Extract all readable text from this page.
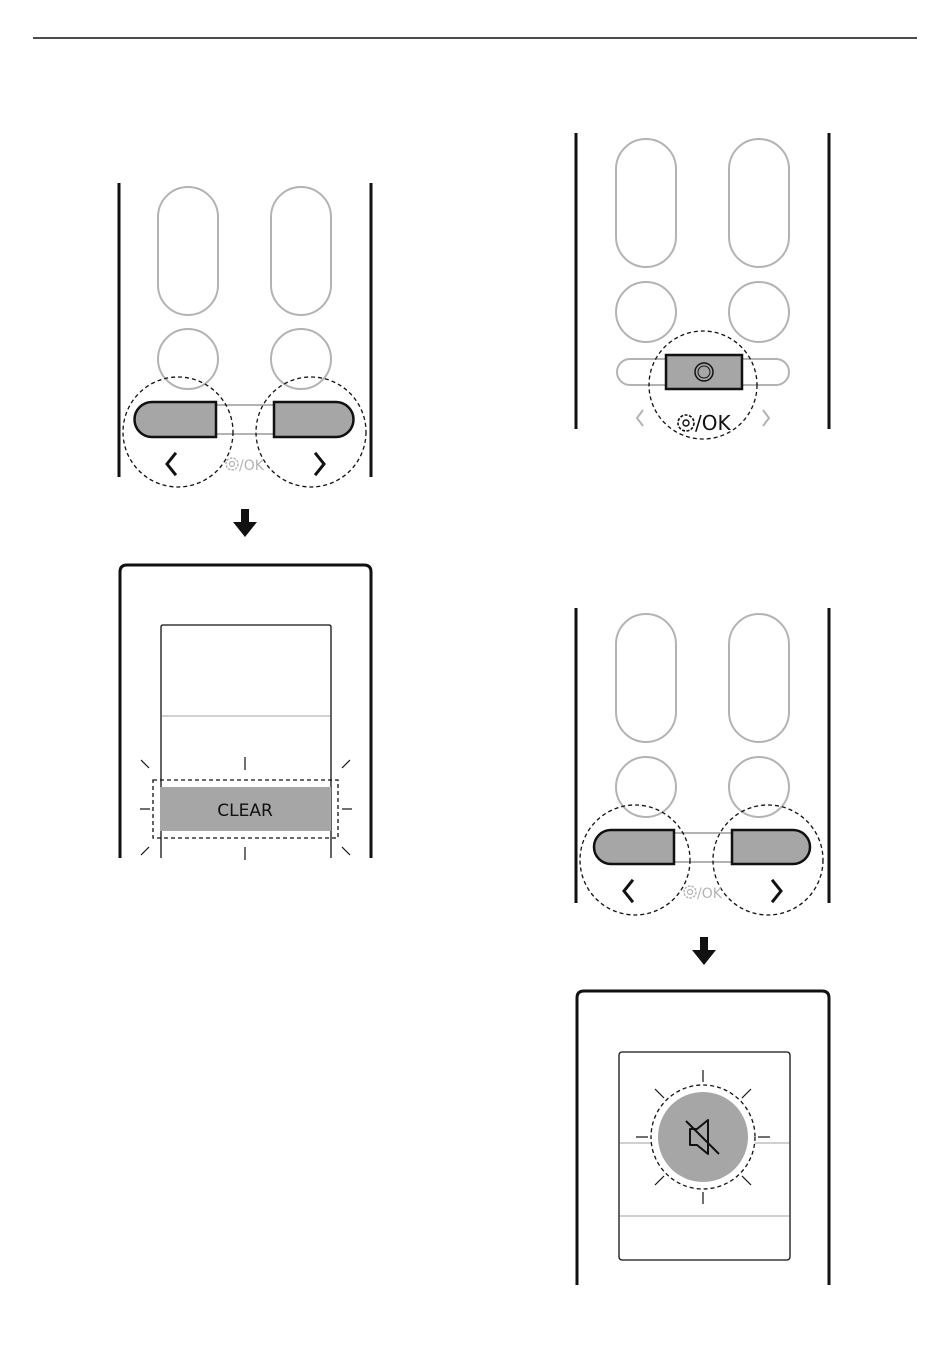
/OK
CLEAR
/OK
/OK
